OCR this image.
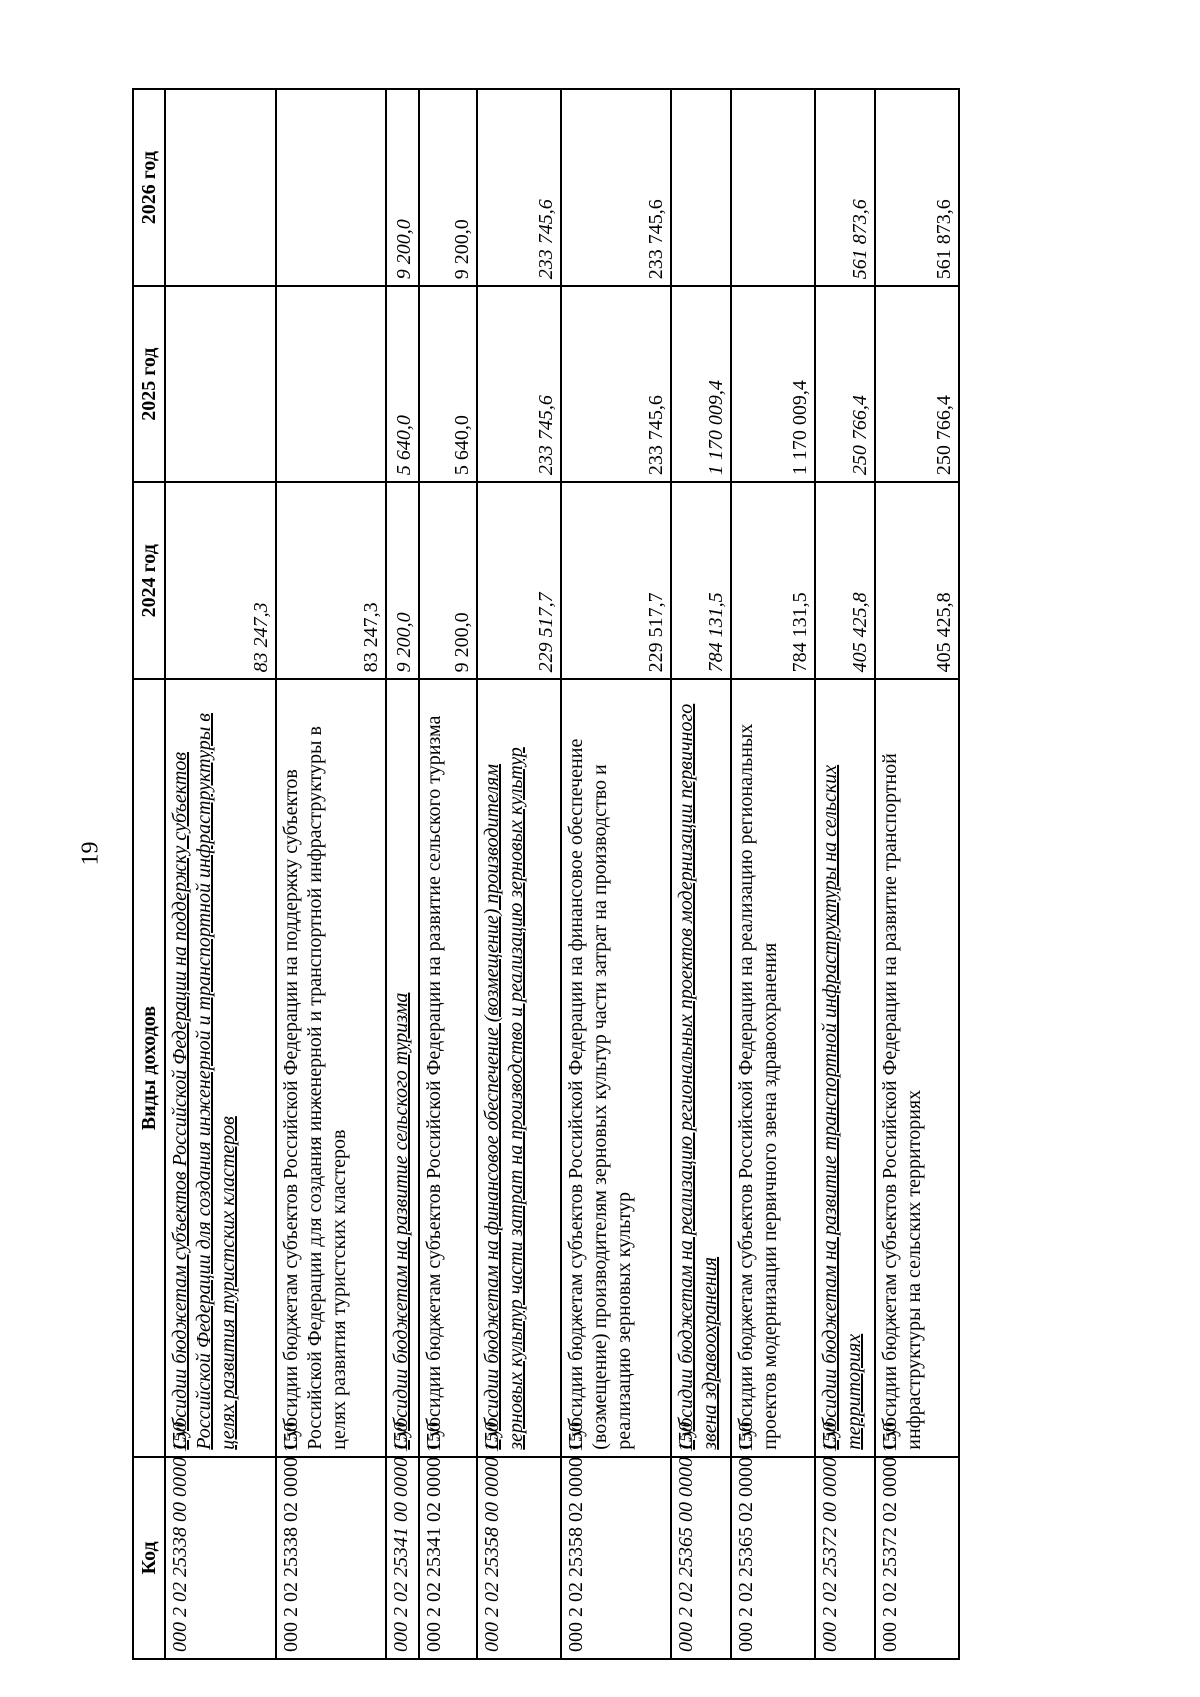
19
Код	Виды доходов	2024 год	2025 год	2026 год
000 2 02 25338 00 0000 150	Субсидии бюджетам субъектов Российской Федерации на поддержку субъектов Российской Федерации для создания инженерной и транспортной инфраструктуры в целях развития туристских кластеров	83 247,3		
000 2 02 25338 02 0000 150	Субсидии бюджетам субъектов Российской Федерации на поддержку субъектов Российской Федерации для создания инженерной и транспортной инфраструктуры в целях развития туристских кластеров	83 247,3		
000 2 02 25341 00 0000 150	Субсидии бюджетам на развитие сельского туризма	9 200,0	5 640,0	9 200,0
000 2 02 25341 02 0000 150	Субсидии бюджетам субъектов Российской Федерации на развитие сельского туризма	9 200,0	5 640,0	9 200,0
000 2 02 25358 00 0000 150	Субсидии бюджетам на финансовое обеспечение (возмещение) производителям зерновых культур части затрат на производство и реализацию зерновых культур	229 517,7	233 745,6	233 745,6
000 2 02 25358 02 0000 150	Субсидии бюджетам субъектов Российской Федерации на финансовое обеспечение (возмещение) производителям зерновых культур части затрат на производство и реализацию зерновых культур	229 517,7	233 745,6	233 745,6
000 2 02 25365 00 0000 150	Субсидии бюджетам на реализацию региональных проектов модернизации первичного звена здравоохранения	784 131,5	1 170 009,4	
000 2 02 25365 02 0000 150	Субсидии бюджетам субъектов Российской Федерации на реализацию региональных проектов модернизации первичного звена здравоохранения	784 131,5	1 170 009,4	
000 2 02 25372 00 0000 150	Субсидии бюджетам на развитие транспортной инфраструктуры на сельских территориях	405 425,8	250 766,4	561 873,6
000 2 02 25372 02 0000 150	Субсидии бюджетам субъектов Российской Федерации на развитие транспортной инфраструктуры на сельских территориях	405 425,8	250 766,4	561 873,6
